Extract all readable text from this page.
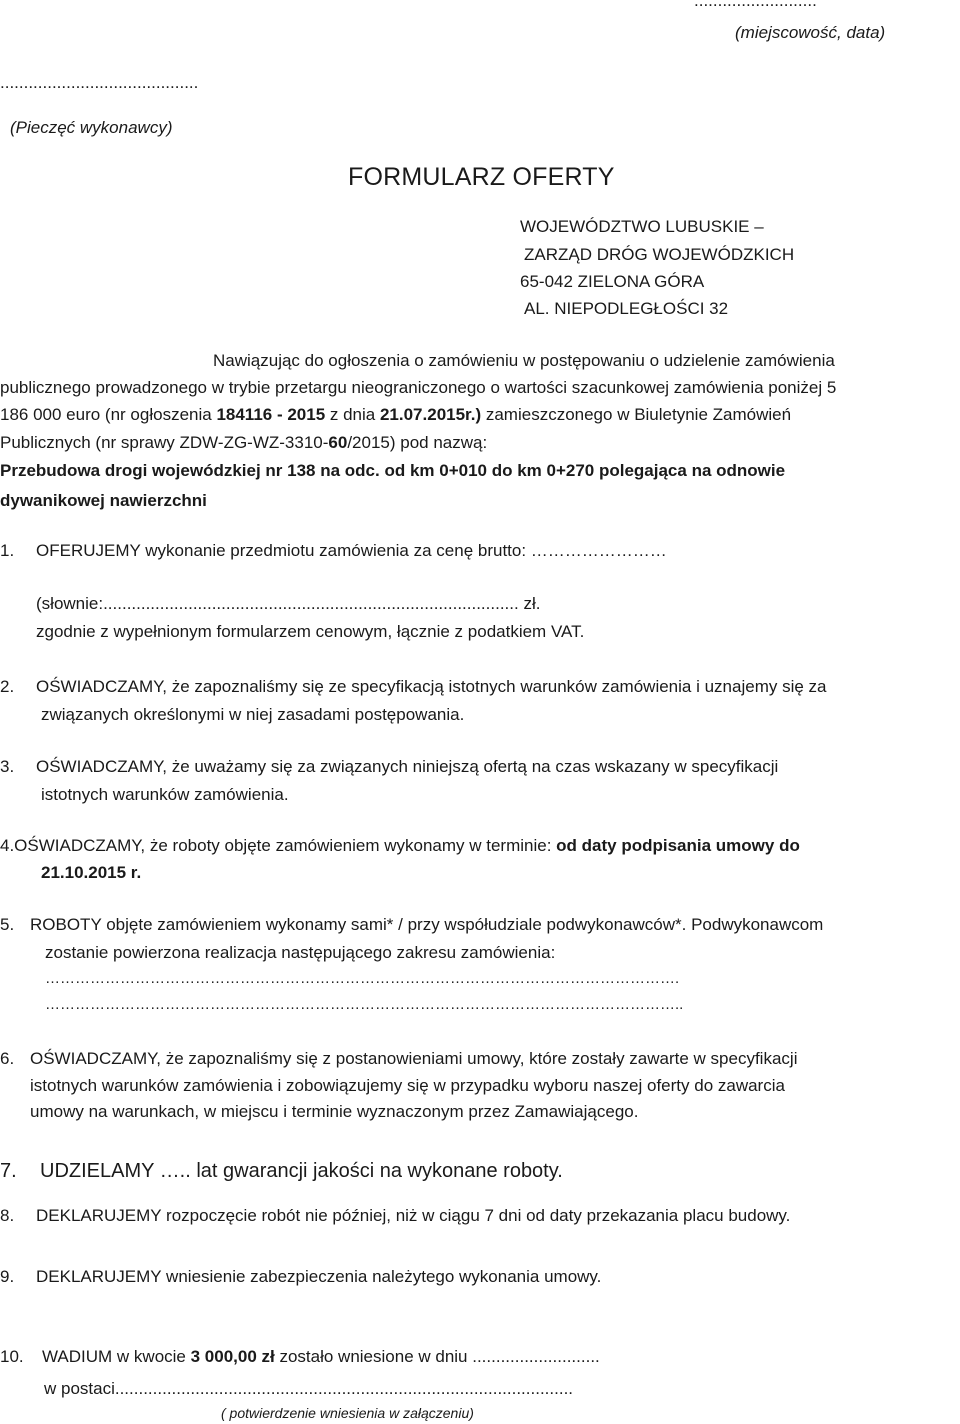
..........................
(miejscowość, data)
..........................................
(Pieczęć wykonawcy)
FORMULARZ OFERTY
WOJEWÓDZTWO LUBUSKIE –
ZARZĄD DRÓG WOJEWÓDZKICH
65-042 ZIELONA GÓRA
AL. NIEPODLEGŁOŚCI 32
Nawiązując do ogłoszenia o zamówieniu w postępowaniu o udzielenie zamówienia
publicznego prowadzonego w trybie przetargu nieograniczonego o wartości szacunkowej zamówienia poniżej 5
186 000 euro (nr ogłoszenia 184116 - 2015 z dnia 21.07.2015r.) zamieszczonego w Biuletynie Zamówień
Publicznych (nr sprawy ZDW-ZG-WZ-3310-60/2015) pod nazwą:
Przebudowa drogi wojewódzkiej nr 138 na odc. od km 0+010 do km 0+270 polegająca na odnowie
dywanikowej nawierzchni
1. OFERUJEMY wykonanie przedmiotu zamówienia za cenę brutto: ……………………
(słownie:........................................................................................ zł.
zgodnie z wypełnionym formularzem cenowym, łącznie z podatkiem VAT.
2. OŚWIADCZAMY, że zapoznaliśmy się ze specyfikacją istotnych warunków zamówienia i uznajemy się za
związanych określonymi w niej zasadami postępowania.
3. OŚWIADCZAMY, że uważamy się za związanych niniejszą ofertą na czas wskazany w specyfikacji
istotnych warunków zamówienia.
4.OŚWIADCZAMY, że roboty objęte zamówieniem wykonamy w terminie: od daty podpisania umowy do
21.10.2015 r.
5. ROBOTY objęte zamówieniem wykonamy sami* / przy współudziale podwykonawców*. Podwykonawcom
zostanie powierzona realizacja następującego zakresu zamówienia:
……………………………………………………………………………………………………………….
………………………………………………………………………………………………………………..
6. OŚWIADCZAMY, że zapoznaliśmy się z postanowieniami umowy, które zostały zawarte w specyfikacji
istotnych warunków zamówienia i zobowiązujemy się w przypadku wyboru naszej oferty do zawarcia
umowy na warunkach, w miejscu i terminie wyznaczonym przez Zamawiającego.
7. UDZIELAMY ….. lat gwarancji jakości na wykonane roboty.
8. DEKLARUJEMY rozpoczęcie robót nie później, niż w ciągu 7 dni od daty przekazania placu budowy.
9. DEKLARUJEMY wniesienie zabezpieczenia należytego wykonania umowy.
10. WADIUM w kwocie 3 000,00 zł zostało wniesione w dniu ...........................
w postaci.................................................................................................
( potwierdzenie wniesienia w załączeniu)
